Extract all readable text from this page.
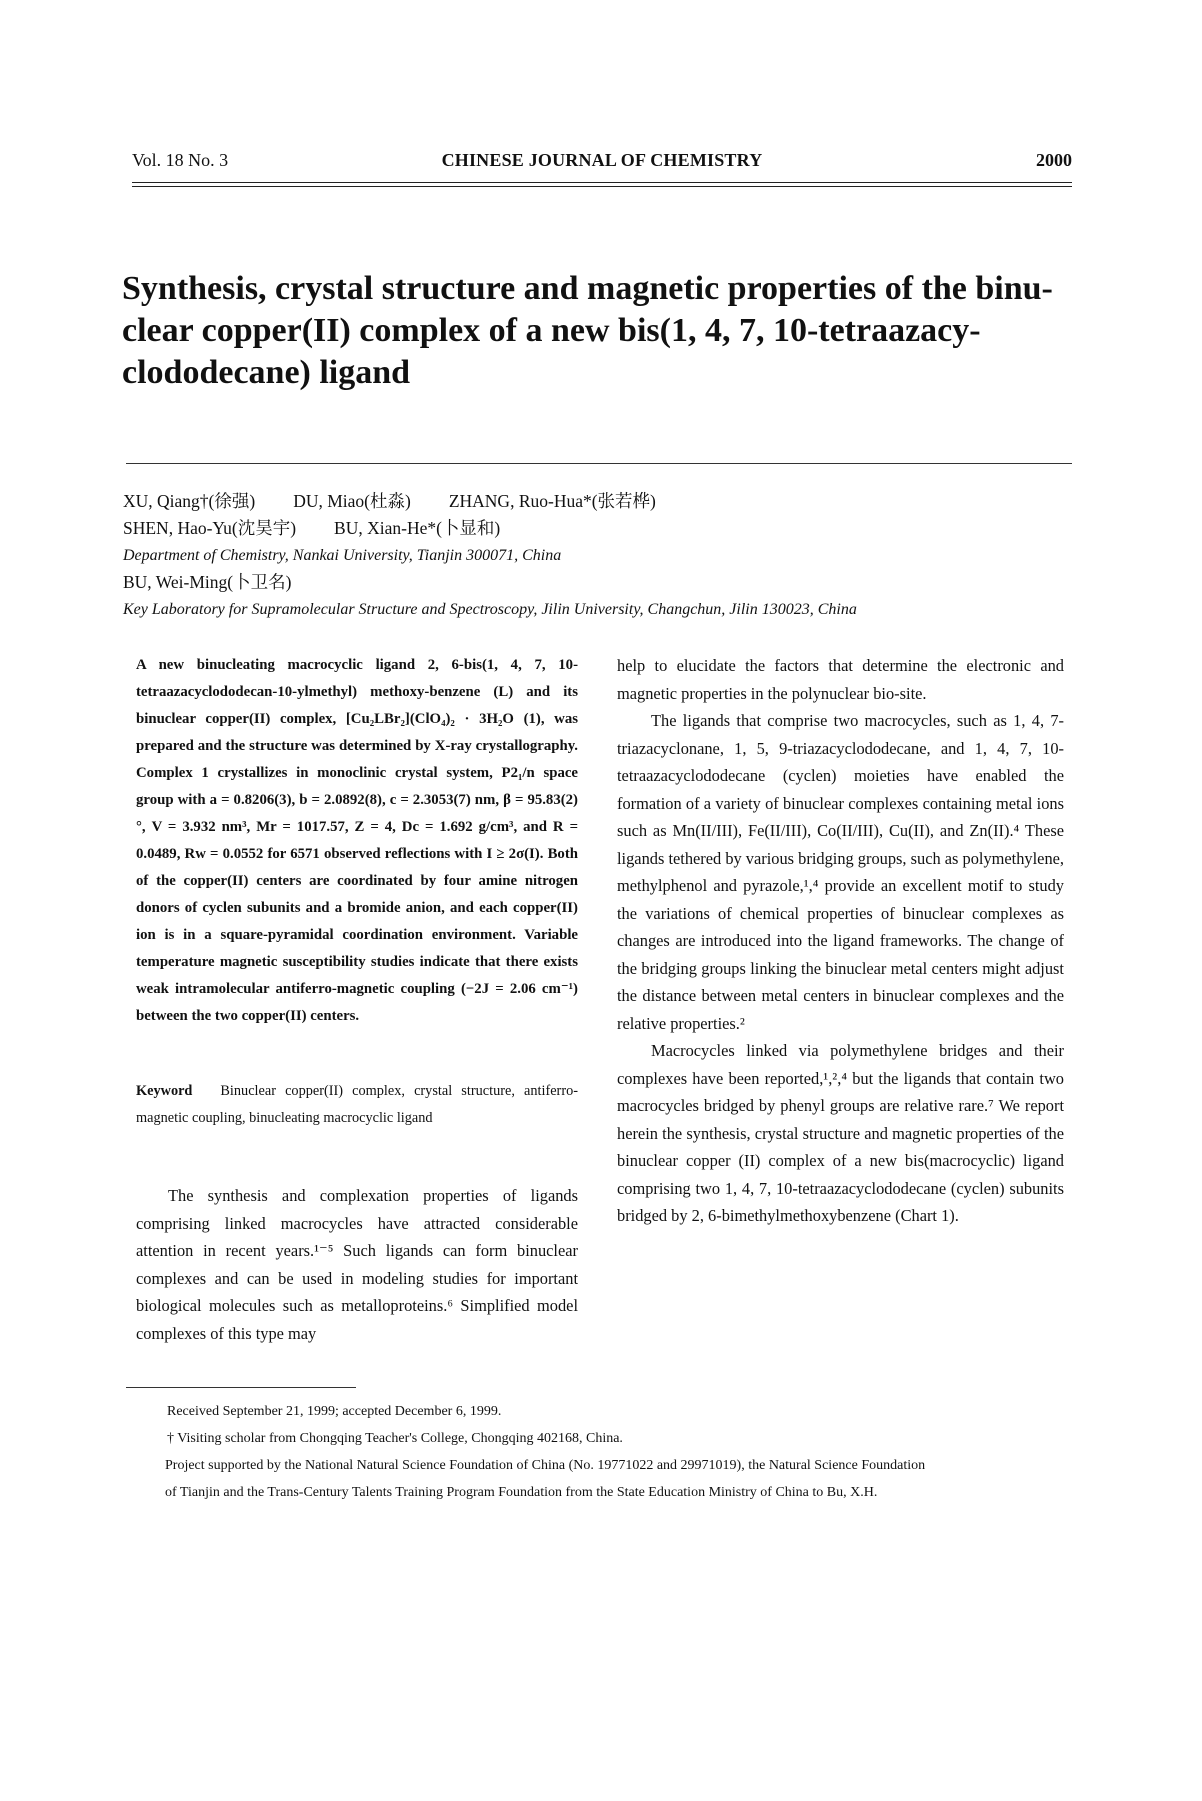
Vol. 18 No. 3	CHINESE JOURNAL OF CHEMISTRY	2000
Synthesis, crystal structure and magnetic properties of the binu-
clear copper(II) complex of a new bis(1, 4, 7, 10-tetraazacy-
clododecane) ligand
XU, Qiang†(徐强) DU, Miao(杜淼) ZHANG, Ruo-Hua*(张若桦)
SHEN, Hao-Yu(沈昊宇) BU, Xian-He*(卜显和)
Department of Chemistry, Nankai University, Tianjin 300071, China
BU, Wei-Ming(卜卫名)
Key Laboratory for Supramolecular Structure and Spectroscopy, Jilin University, Changchun, Jilin 130023, China

A new binucleating macrocyclic ligand 2, 6-bis(1, 4, 7, 10-tetraazacyclododecan-10-ylmethyl) methoxy-benzene (L) and its binuclear copper(II) complex, [Cu₂LBr₂](ClO₄)₂ · 3H₂O (1), was prepared and the structure was determined by X-ray crystallography. Complex 1 crystallizes in monoclinic crystal system, P2₁/n space group with a = 0.8206(3), b = 2.0892(8), c = 2.3053(7) nm, β = 95.83(2)°, V = 3.932 nm³, Mr = 1017.57, Z = 4, Dc = 1.692 g/cm³, and R = 0.0489, Rw = 0.0552 for 6571 observed reflections with I ≥ 2σ(I). Both of the copper(II) centers are coordinated by four amine nitrogen donors of cyclen subunits and a bromide anion, and each copper(II) ion is in a square-pyramidal coordination environment. Variable temperature magnetic susceptibility studies indicate that there exists weak intramolecular antiferro-magnetic coupling (−2J = 2.06 cm⁻¹) between the two copper(II) centers.

Keyword Binuclear copper(II) complex, crystal structure, antiferro-magnetic coupling, binucleating macrocyclic ligand

The synthesis and complexation properties of ligands comprising linked macrocycles have attracted considerable attention in recent years.¹⁻⁵ Such ligands can form binuclear complexes and can be used in modeling studies for important biological molecules such as metalloproteins.⁶ Simplified model complexes of this type may

help to elucidate the factors that determine the electronic and magnetic properties in the polynuclear bio-site.

The ligands that comprise two macrocycles, such as 1, 4, 7-triazacyclonane, 1, 5, 9-triazacyclododecane, and 1, 4, 7, 10-tetraazacyclododecane (cyclen) moieties have enabled the formation of a variety of binuclear complexes containing metal ions such as Mn(II/III), Fe(II/III), Co(II/III), Cu(II), and Zn(II).⁴ These ligands tethered by various bridging groups, such as polymethylene, methylphenol and pyrazole,¹,⁴ provide an excellent motif to study the variations of chemical properties of binuclear complexes as changes are introduced into the ligand frameworks. The change of the bridging groups linking the binuclear metal centers might adjust the distance between metal centers in binuclear complexes and the relative properties.²

Macrocycles linked via polymethylene bridges and their complexes have been reported,¹,²,⁴ but the ligands that contain two macrocycles bridged by phenyl groups are relative rare.⁷ We report herein the synthesis, crystal structure and magnetic properties of the binuclear copper (II) complex of a new bis(macrocyclic) ligand comprising two 1, 4, 7, 10-tetraazacyclododecane (cyclen) subunits bridged by 2, 6-bimethylmethoxybenzene (Chart 1).

Received September 21, 1999; accepted December 6, 1999.
† Visiting scholar from Chongqing Teacher's College, Chongqing 402168, China.
Project supported by the National Natural Science Foundation of China (No. 19771022 and 29971019), the Natural Science Foundation
of Tianjin and the Trans-Century Talents Training Program Foundation from the State Education Ministry of China to Bu, X.H.
